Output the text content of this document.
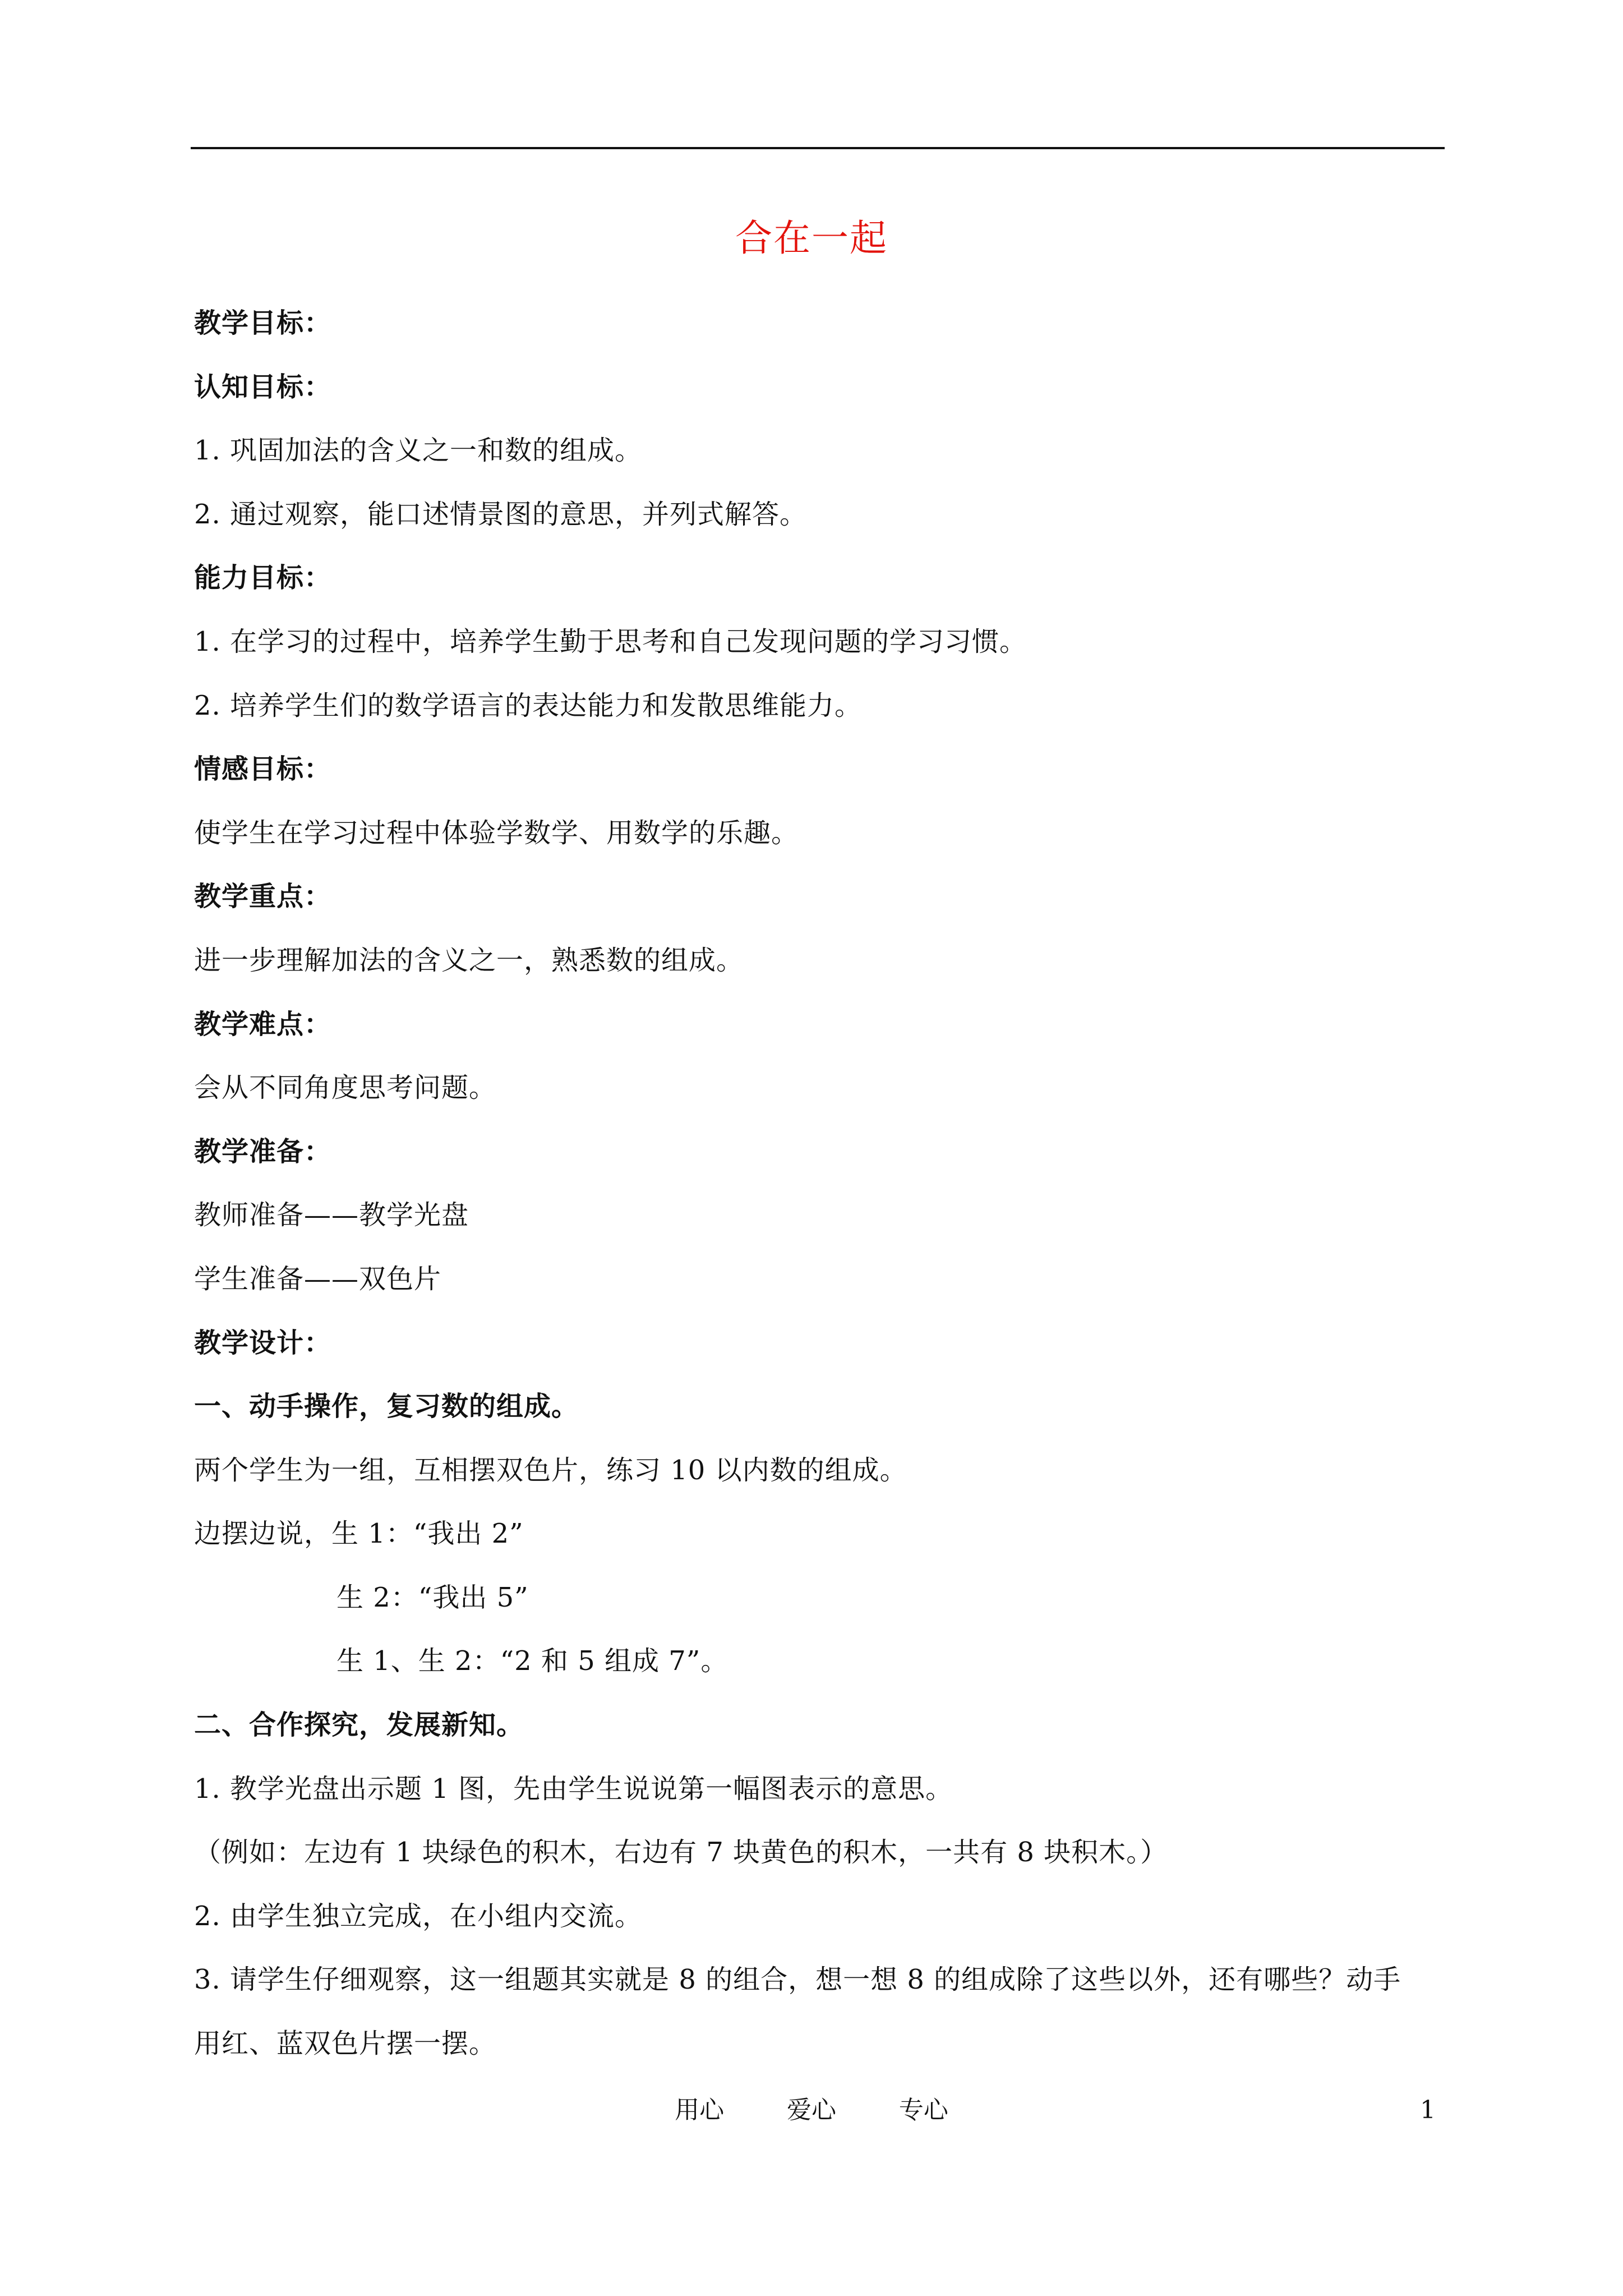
合在一起
教学目标：
认知目标：
1. 巩固加法的含义之一和数的组成。
2. 通过观察，能口述情景图的意思，并列式解答。
能力目标：
1. 在学习的过程中，培养学生勤于思考和自己发现问题的学习习惯。
2. 培养学生们的数学语言的表达能力和发散思维能力。
情感目标：
使学生在学习过程中体验学数学、用数学的乐趣。
教学重点：
进一步理解加法的含义之一，熟悉数的组成。
教学难点：
会从不同角度思考问题。
教学准备：
教师准备——教学光盘
学生准备——双色片
教学设计：
一、动手操作，复习数的组成。
两个学生为一组，互相摆双色片，练习 10 以内数的组成。
边摆边说，生 1：“我出 2”
生 2：“我出 5”
生 1、生 2：“2 和 5 组成 7”。
二、合作探究，发展新知。
1. 教学光盘出示题 1 图，先由学生说说第一幅图表示的意思。
（例如：左边有 1 块绿色的积木，右边有 7 块黄色的积木，一共有 8 块积木。）
2. 由学生独立完成，在小组内交流。
3. 请学生仔细观察，这一组题其实就是 8 的组合，想一想 8 的组成除了这些以外，还有哪些？动手
用红、蓝双色片摆一摆。
用心        爱心        专心	1
